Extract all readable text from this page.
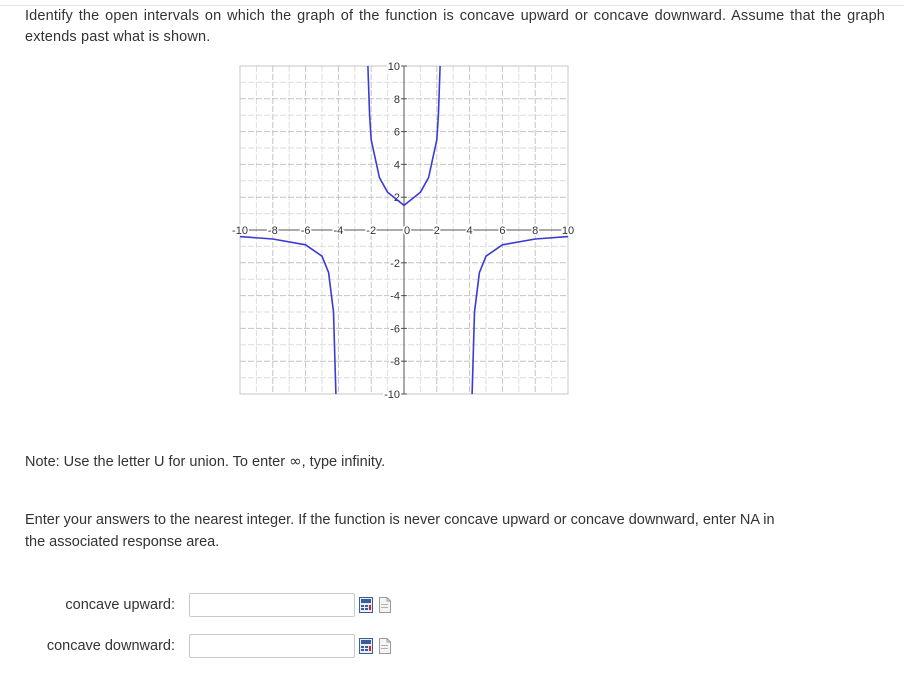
Identify the open intervals on which the graph of the function is concave upward or concave downward. Assume that the graph extends past what is shown.
-10 -8 -6 -4 -2	0 2 4 6 8 10
10
8
6
4
2
-2
-4
-6
-8
-10
Note: Use the letter U for union. To enter ∞, type infinity.
Enter your answers to the nearest integer. If the function is never concave upward or concave downward, enter NA in the associated response area.
concave upward:
concave downward:
